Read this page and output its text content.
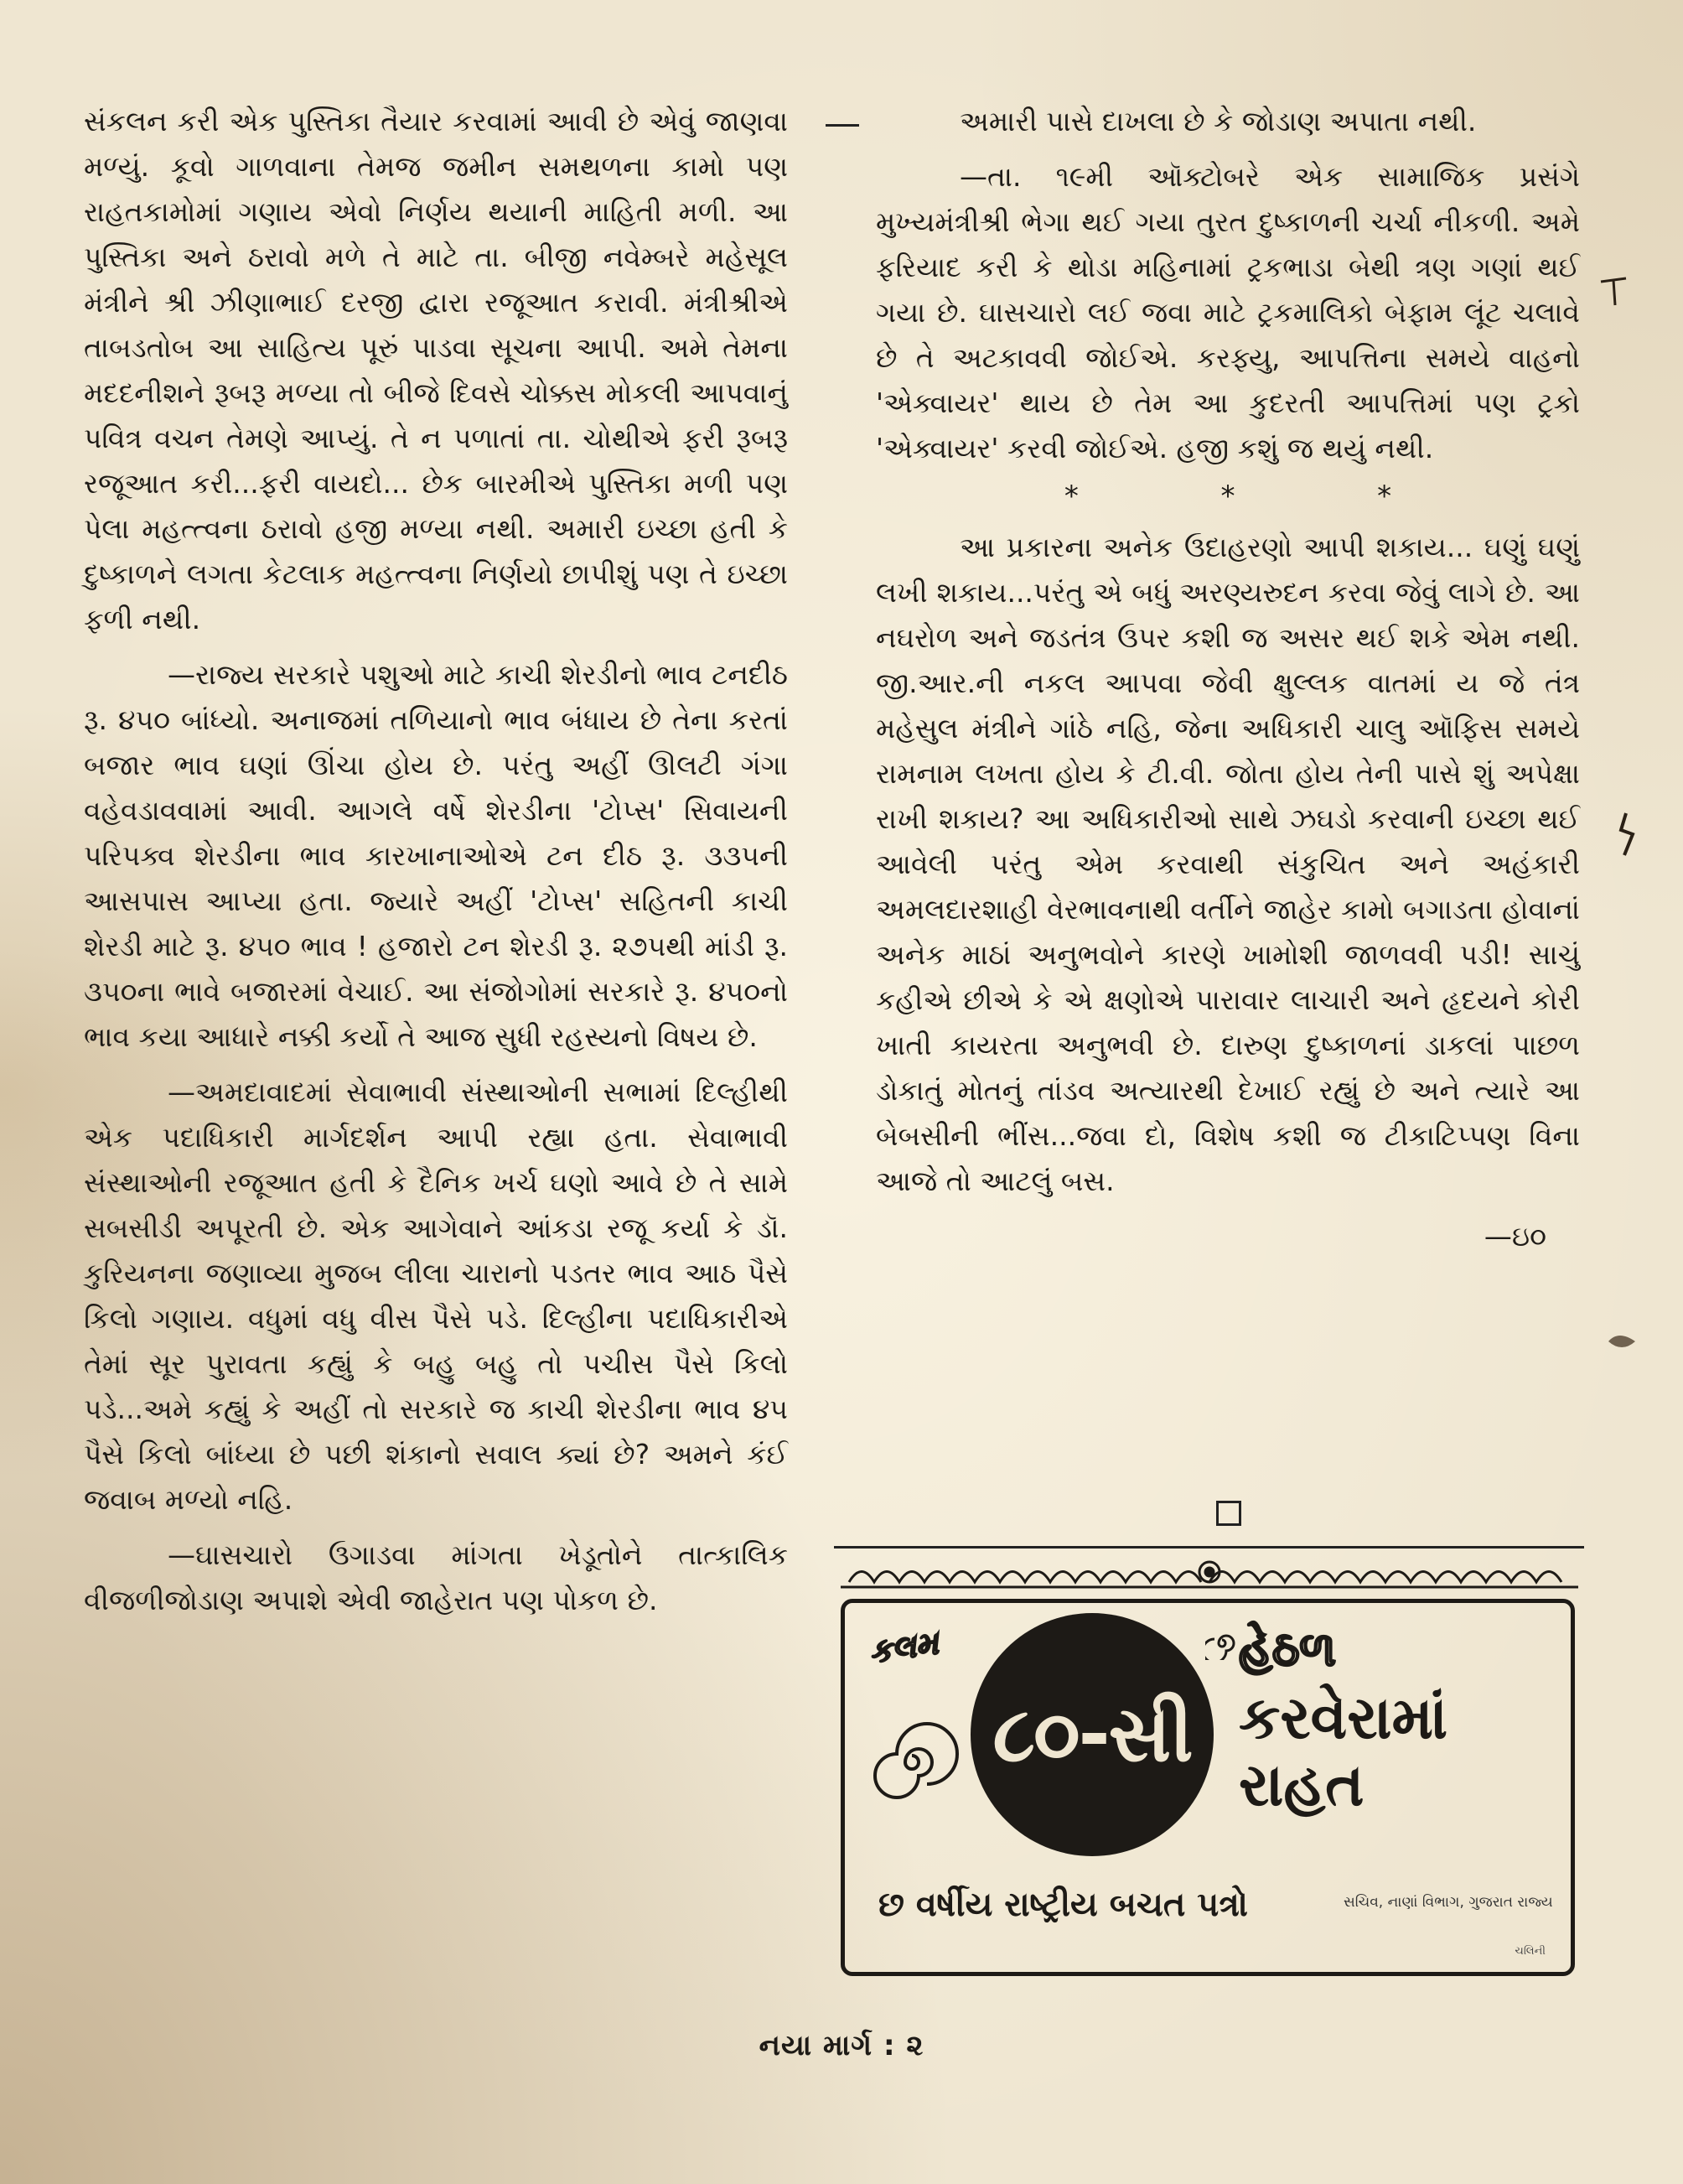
સંકલન કરી એક પુસ્તિકા તૈયાર કરવામાં આવી છે એવું જાણવા મળ્યું. કૂવો ગાળવાના તેમજ જમીન સમથળના કામો પણ રાહતકામોમાં ગણાય એવો નિર્ણય થયાની માહિતી મળી. આ પુસ્તિકા અને ઠરાવો મળે તે માટે તા. બીજી નવેમ્બરે મહેસૂલ મંત્રીને શ્રી ઝીણાભાઈ દરજી દ્વારા રજૂઆત કરાવી. મંત્રીશ્રીએ તાબડતોબ આ સાહિત્ય પૂરું પાડવા સૂચના આપી. અમે તેમના મદદનીશને રૂબરૂ મળ્યા તો બીજે દિવસે ચોક્કસ મોકલી આપવાનું પવિત્ર વચન તેમણે આપ્યું. તે ન પળાતાં તા. ચોથીએ ફરી રૂબરૂ રજૂઆત કરી...ફરી વાયદો... છેક બારમીએ પુસ્તિકા મળી પણ પેલા મહત્ત્વના ઠરાવો હજી મળ્યા નથી. અમારી ઇચ્છા હતી કે દુષ્કાળને લગતા કેટલાક મહત્ત્વના નિર્ણયો છાપીશું પણ તે ઇચ્છા ફળી નથી.

—રાજ્ય સરકારે પશુઓ માટે કાચી શેરડીનો ભાવ ટનદીઠ રૂ. ૪૫૦ બાંધ્યો. અનાજમાં તળિયાનો ભાવ બંધાય છે તેના કરતાં બજાર ભાવ ઘણાં ઊંચા હોય છે. પરંતુ અહીં ઊલટી ગંગા વહેવડાવવામાં આવી. આગલે વર્ષે શેરડીના 'ટોપ્સ' સિવાયની પરિપક્વ શેરડીના ભાવ કારખાનાઓએ ટન દીઠ રૂ. ૩૩૫ની આસપાસ આપ્યા હતા. જ્યારે અહીં 'ટોપ્સ' સહિતની કાચી શેરડી માટે રૂ. ૪૫૦ ભાવ ! હજારો ટન શેરડી રૂ. ૨૭૫થી માંડી રૂ. ૩૫૦ના ભાવે બજારમાં વેચાઈ. આ સંજોગોમાં સરકારે રૂ. ૪૫૦નો ભાવ કયા આધારે નક્કી કર્યો તે આજ સુધી રહસ્યનો વિષય છે.

—અમદાવાદમાં સેવાભાવી સંસ્થાઓની સભામાં દિલ્હીથી એક પદાધિકારી માર્ગદર્શન આપી રહ્યા હતા. સેવાભાવી સંસ્થાઓની રજૂઆત હતી કે દૈનિક ખર્ચ ઘણો આવે છે તે સામે સબસીડી અપૂરતી છે. એક આગેવાને આંકડા રજૂ કર્યા કે ડૉ. કુરિયનના જણાવ્યા મુજબ લીલા ચારાનો પડતર ભાવ આઠ પૈસે કિલો ગણાય. વધુમાં વધુ વીસ પૈસે પડે. દિલ્હીના પદાધિકારીએ તેમાં સૂર પુરાવતા કહ્યું કે બહુ બહુ તો પચીસ પૈસે કિલો પડે...અમે કહ્યું કે અહીં તો સરકારે જ કાચી શેરડીના ભાવ ૪૫ પૈસે કિલો બાંધ્યા છે પછી શંકાનો સવાલ ક્યાં છે? અમને કંઈ જવાબ મળ્યો નહિ.

—ઘાસચારો ઉગાડવા માંગતા ખેડૂતોને તાત્કાલિક વીજળીજોડાણ અપાશે એવી જાહેરાત પણ પોકળ છે.

અમારી પાસે દાખલા છે કે જોડાણ અપાતા નથી.

—તા. ૧૯મી ઑક્ટોબરે એક સામાજિક પ્રસંગે મુખ્યમંત્રીશ્રી ભેગા થઈ ગયા તુરત દુષ્કાળની ચર્ચા નીકળી. અમે ફરિયાદ કરી કે થોડા મહિનામાં ટ્રકભાડા બેથી ત્રણ ગણાં થઈ ગયા છે. ઘાસચારો લઈ જવા માટે ટ્રકમાલિકો બેફામ લૂંટ ચલાવે છે તે અટકાવવી જોઈએ. કરફ્યુ, આપત્તિના સમયે વાહનો 'એક્વાયર' થાય છે તેમ આ કુદરતી આપત્તિમાં પણ ટ્રકો 'એક્વાયર' કરવી જોઈએ. હજી કશું જ થયું નથી.

*	*	*

આ પ્રકારના અનેક ઉદાહરણો આપી શકાય... ઘણું ઘણું લખી શકાય...પરંતુ એ બધું અરણ્યરુદન કરવા જેવું લાગે છે. આ નઘરોળ અને જડતંત્ર ઉપર કશી જ અસર થઈ શકે એમ નથી. જી.આર.ની નકલ આપવા જેવી ક્ષુલ્લક વાતમાં ય જે તંત્ર મહેસુલ મંત્રીને ગાંઠે નહિ, જેના અધિકારી ચાલુ ઑફિસ સમયે રામનામ લખતા હોય કે ટી.વી. જોતા હોય તેની પાસે શું અપેક્ષા રાખી શકાય? આ અધિકારીઓ સાથે ઝઘડો કરવાની ઇચ્છા થઈ આવેલી પરંતુ એમ કરવાથી સંકુચિત અને અહંકારી અમલદારશાહી વેરભાવનાથી વર્તીને જાહેર કામો બગાડતા હોવાનાં અનેક માઠાં અનુભવોને કારણે ખામોશી જાળવવી પડી! સાચું કહીએ છીએ કે એ ક્ષણોએ પારાવાર લાચારી અને હૃદયને કોરી ખાતી કાયરતા અનુભવી છે. દારુણ દુષ્કાળનાં ડાકલાં પાછળ ડોકાતું મોતનું તાંડવ અત્યારથી દેખાઈ રહ્યું છે અને ત્યારે આ બેબસીની ભીંસ...જવા દો, વિશેષ કશી જ ટીકાટિપ્પણ વિના આજે તો આટલું બસ.

—ઇ૦

કલમ
૮૦-સી
હેઠળ
કરવેરામાં
રાહત
છ વર્ષીય રાષ્ટ્રીય બચત પત્રો	સચિવ, નાણાં વિભાગ, ગુજરાત રાજ્ય
ચલિની
નયા માર્ગ : ૨
